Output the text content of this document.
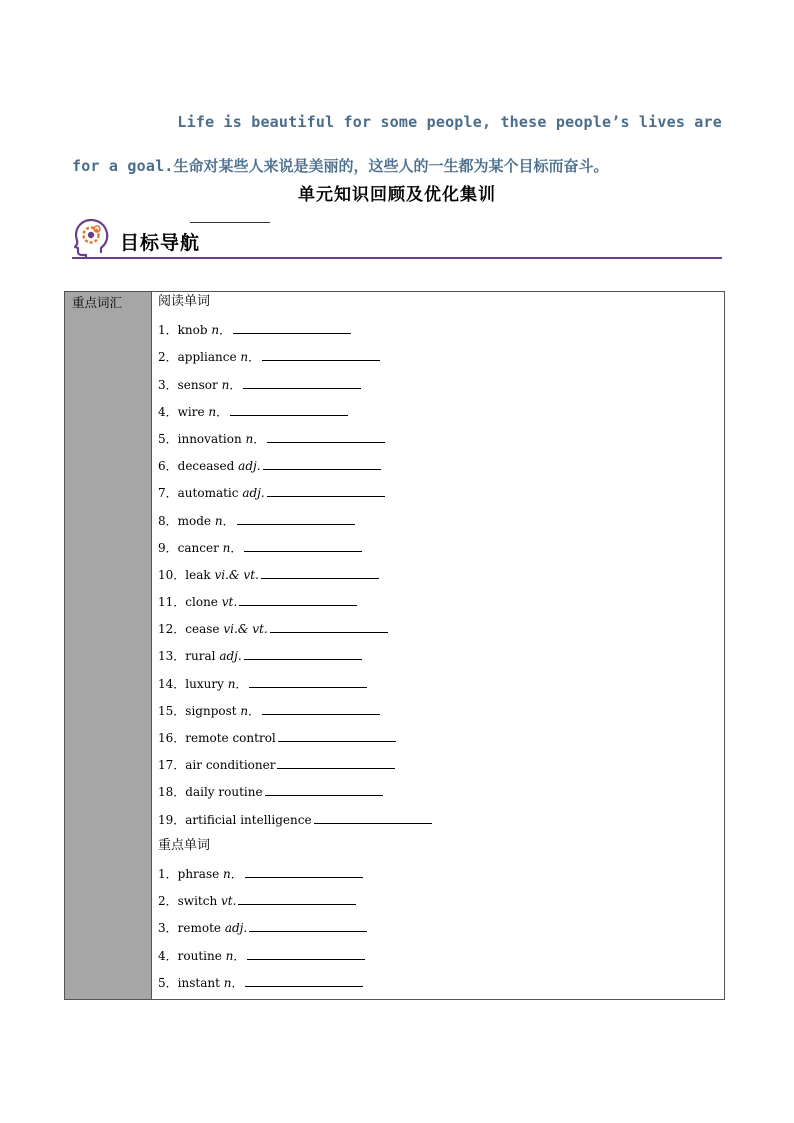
Life is beautiful for some people, these people’s lives are
for a goal.生命对某些人来说是美丽的，这些人的一生都为某个目标而奋斗。
单元知识回顾及优化集训
目标导航
重点词汇	阅读单词
1．knob n．
2．appliance n．
3．sensor n．
4．wire n．
5．innovation n．
6．deceased adj.
7．automatic adj.
8．mode n．
9．cancer n．
10．leak vi.& vt.
11．clone vt.
12．cease vi.& vt.
13．rural adj.
14．luxury n．
15．signpost n．
16．remote control
17．air conditioner
18．daily routine
19．artificial intelligence
重点单词
1．phrase n．
2．switch vt.
3．remote adj.
4．routine n．
5．instant n．
